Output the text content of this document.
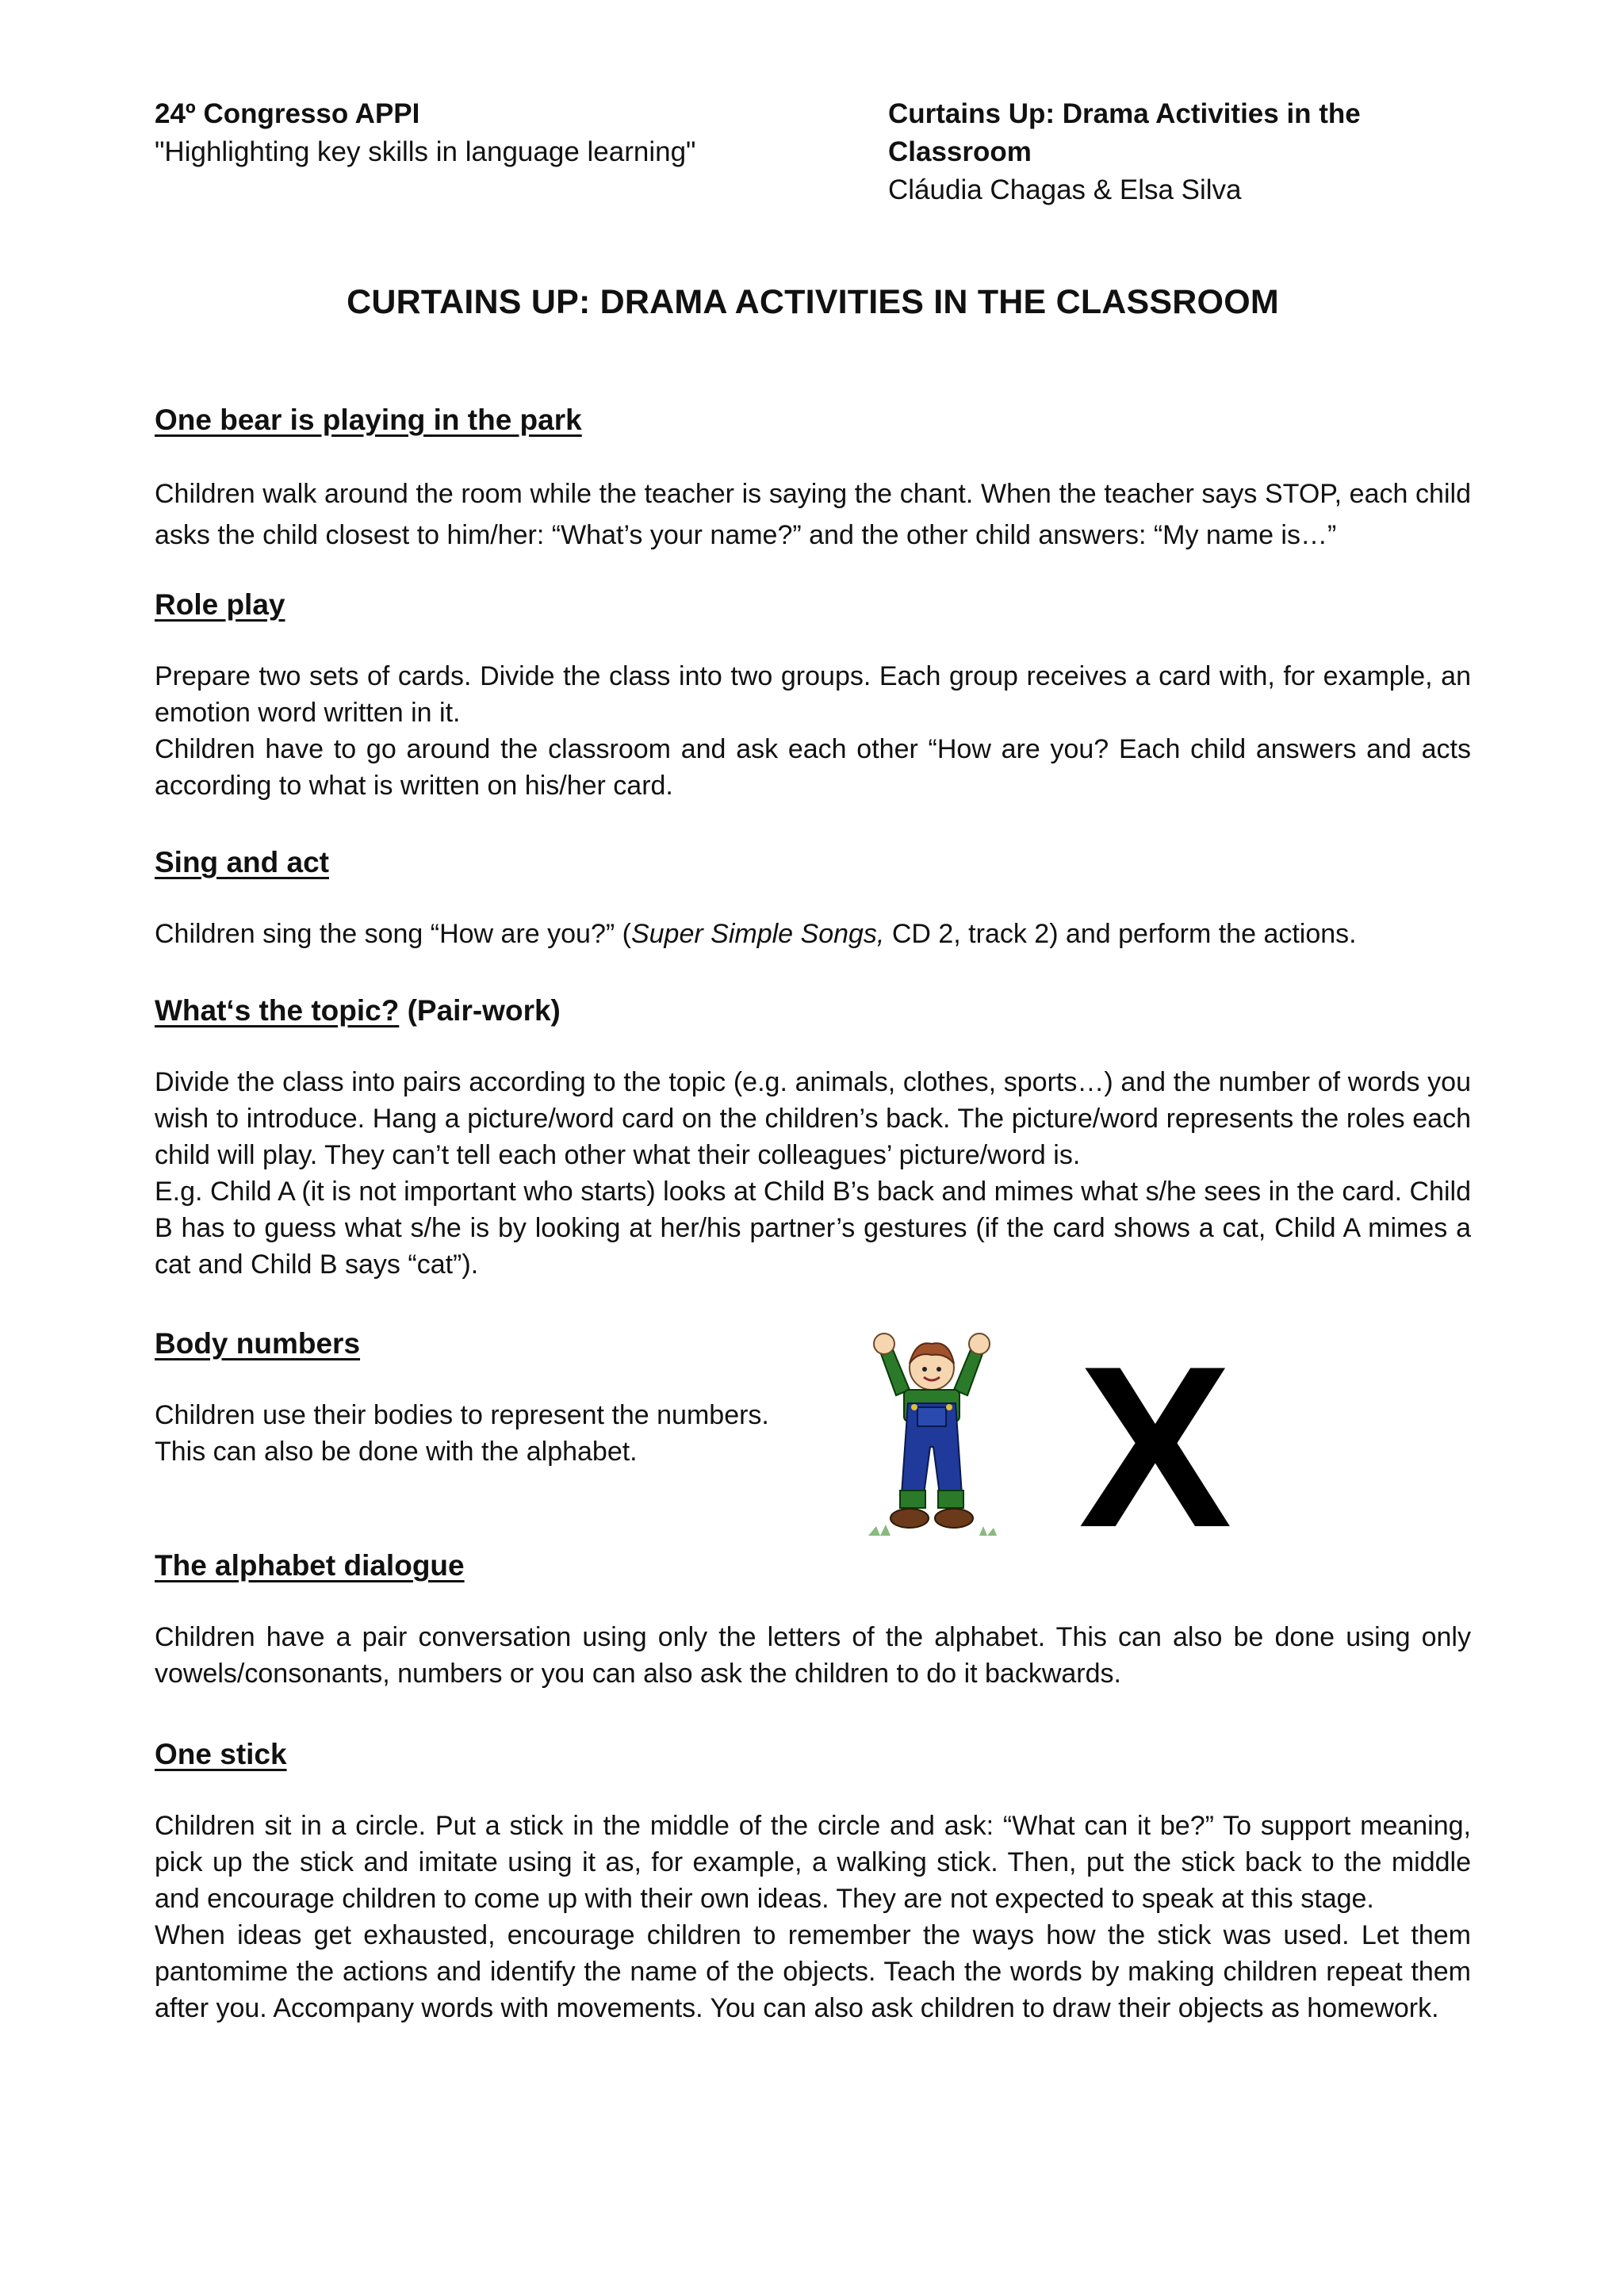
24º Congresso APPI
"Highlighting key skills in language learning"
Curtains Up: Drama Activities in the Classroom
Cláudia Chagas & Elsa Silva
CURTAINS UP: DRAMA ACTIVITIES IN THE CLASSROOM
One bear is playing in the park

Children walk around the room while the teacher is saying the chant. When the teacher says STOP, each child asks the child closest to him/her: “What’s your name?” and the other child answers: “My name is…”

Role play

Prepare two sets of cards. Divide the class into two groups. Each group receives a card with, for example, an emotion word written in it.

Children have to go around the classroom and ask each other “How are you? Each child answers and acts according to what is written on his/her card.

Sing and act

Children sing the song “How are you?” (Super Simple Songs, CD 2, track 2) and perform the actions.

What‘s the topic? (Pair-work)

Divide the class into pairs according to the topic (e.g. animals, clothes, sports…) and the number of words you wish to introduce. Hang a picture/word card on the children’s back. The picture/word represents the roles each child will play. They can’t tell each other what their colleagues’ picture/word is.

E.g. Child A (it is not important who starts) looks at Child B’s back and mimes what s/he sees in the card. Child B has to guess what s/he is by looking at her/his partner’s gestures (if the card shows a cat, Child A mimes a cat and Child B says “cat”).

Body numbers

Children use their bodies to represent the numbers.

This can also be done with the alphabet.	X
The alphabet dialogue

Children have a pair conversation using only the letters of the alphabet. This can also be done using only vowels/consonants, numbers or you can also ask the children to do it backwards.

One stick

Children sit in a circle. Put a stick in the middle of the circle and ask: “What can it be?” To support meaning, pick up the stick and imitate using it as, for example, a walking stick. Then, put the stick back to the middle and encourage children to come up with their own ideas. They are not expected to speak at this stage.

When ideas get exhausted, encourage children to remember the ways how the stick was used. Let them pantomime the actions and identify the name of the objects. Teach the words by making children repeat them after you. Accompany words with movements. You can also ask children to draw their objects as homework.
